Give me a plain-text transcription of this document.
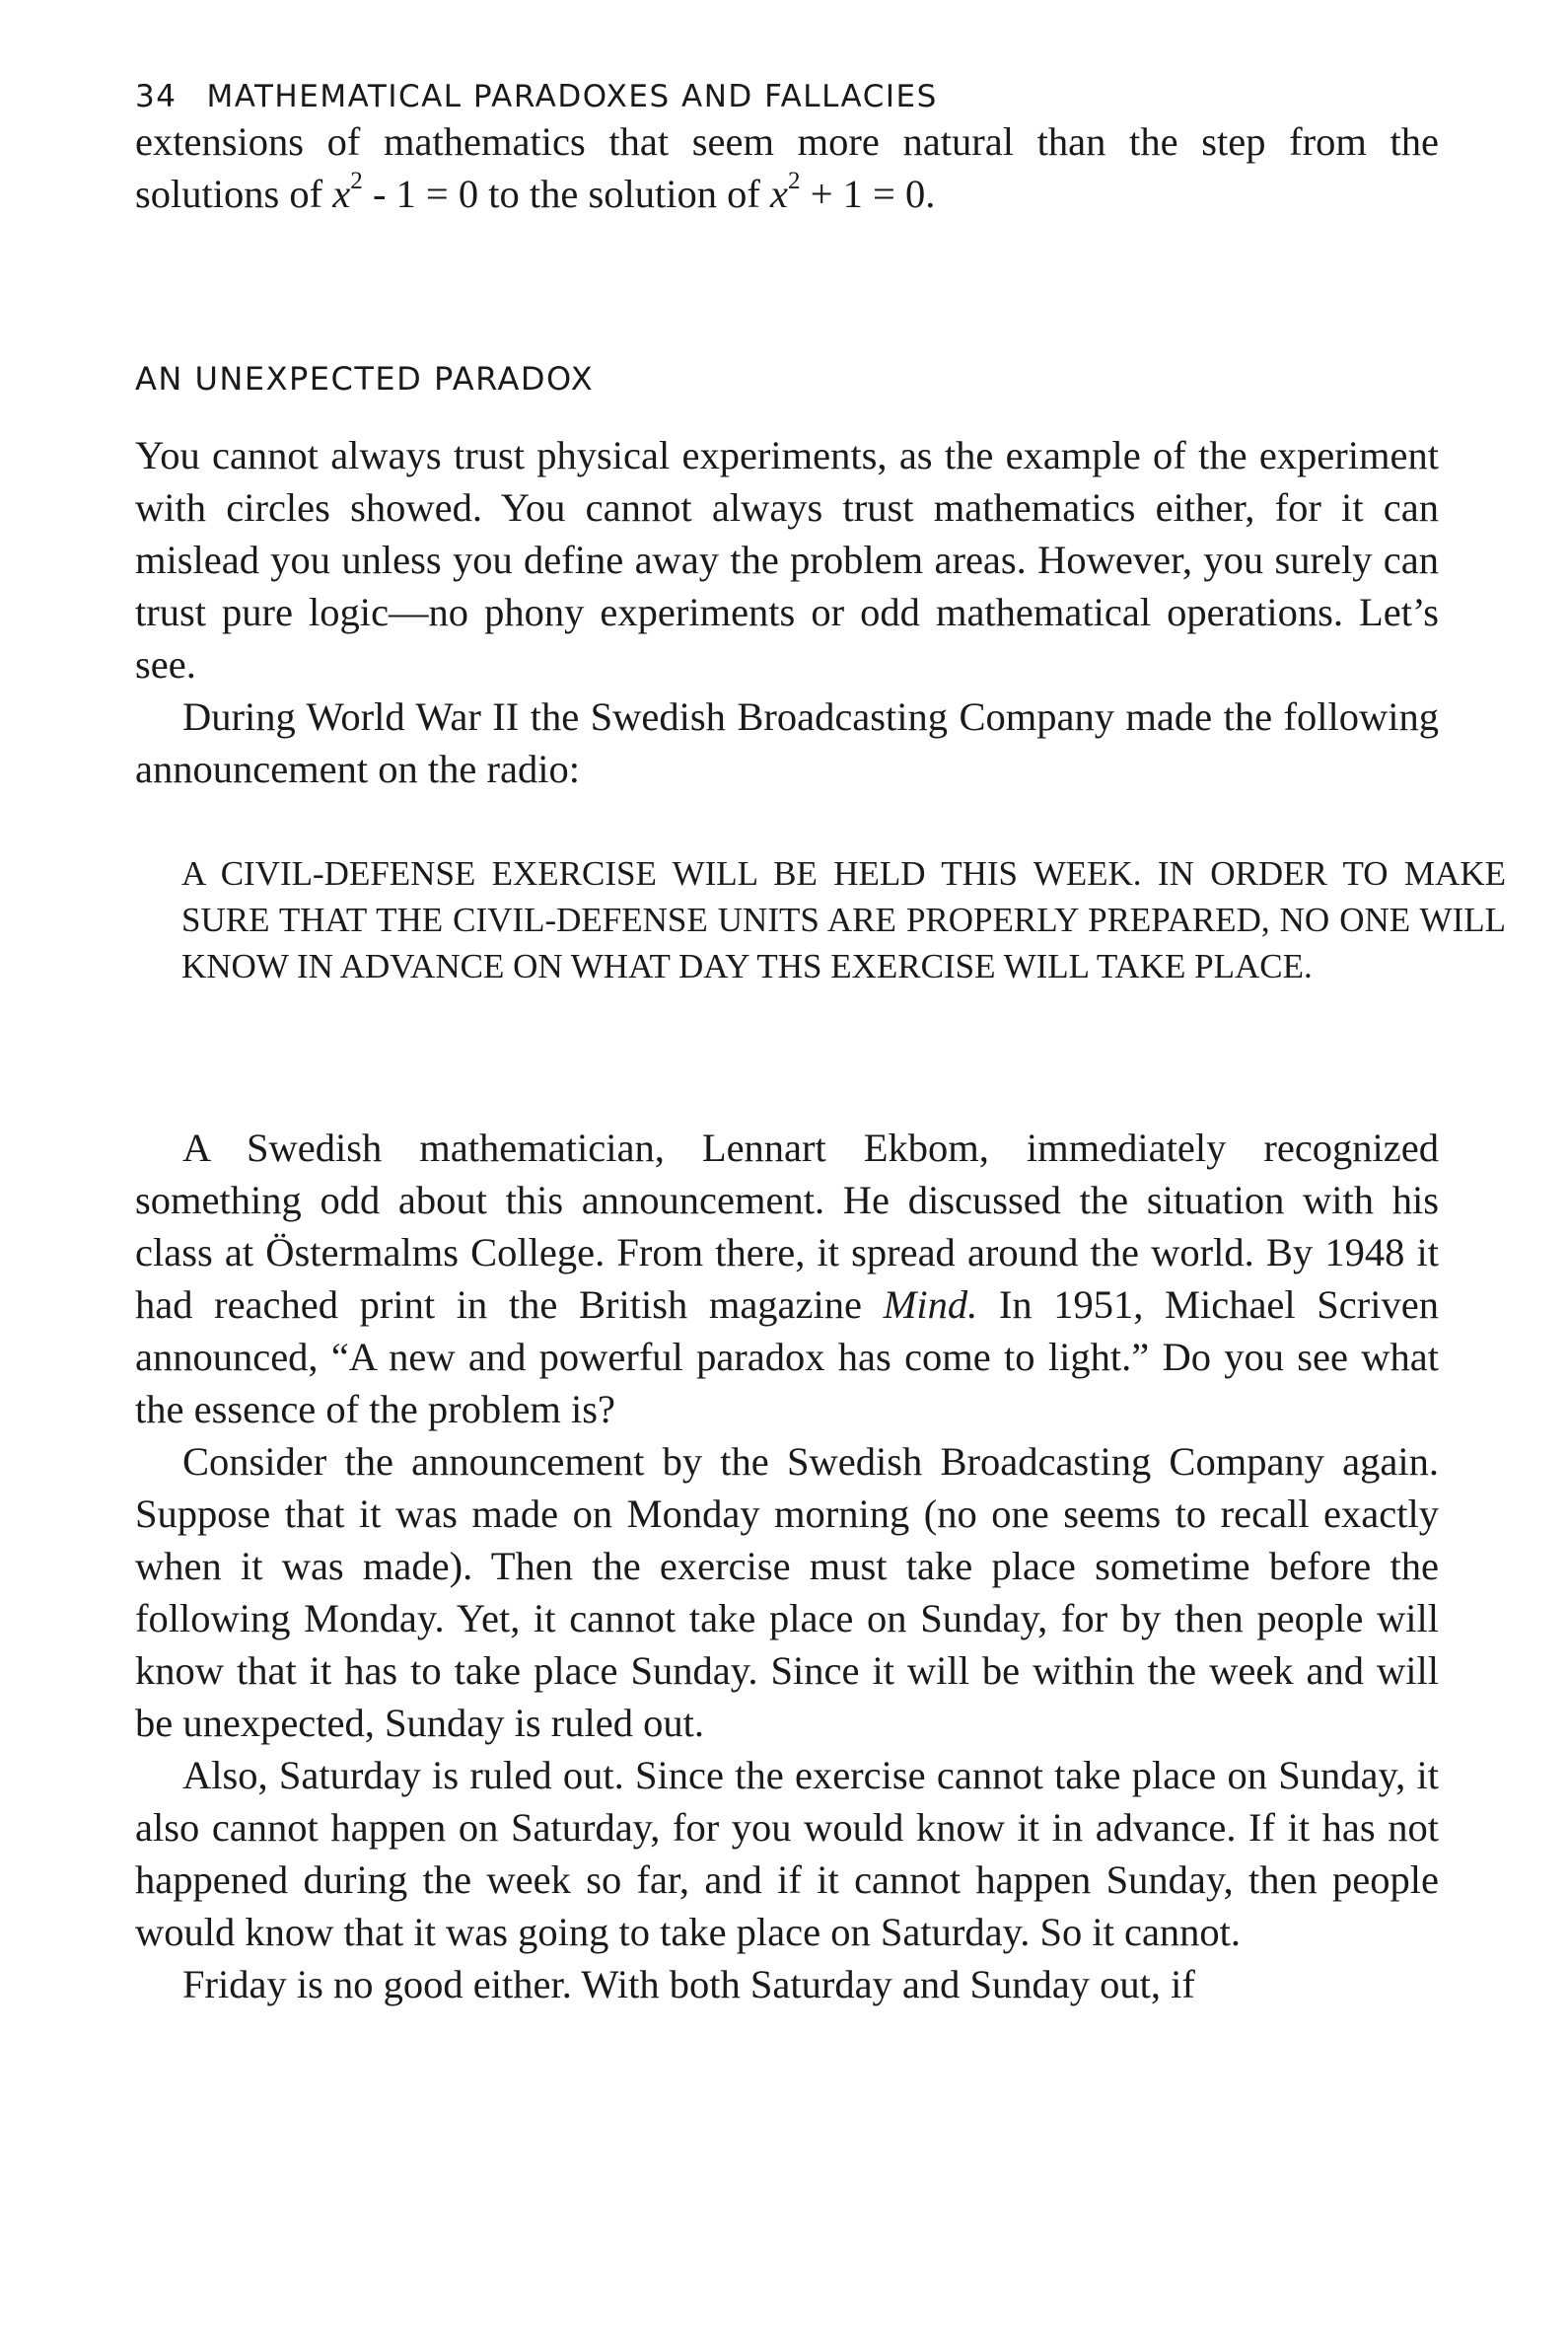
34 MATHEMATICAL PARADOXES AND FALLACIES

extensions of mathematics that seem more natural than the step from the solutions of $x^2 - 1 = 0$ to the solution of $x^2 + 1 = 0$.

AN UNEXPECTED PARADOX

You cannot always trust physical experiments, as the example of the experiment with circles showed. You cannot always trust mathematics either, for it can mislead you unless you define away the problem areas. However, you surely can trust pure logic—no phony experiments or odd mathematical operations. Let’s see.

During World War II the Swedish Broadcasting Company made the following announcement on the radio:

A CIVIL-DEFENSE EXERCISE WILL BE HELD THIS WEEK. IN ORDER TO MAKE SURE THAT THE CIVIL-DEFENSE UNITS ARE PROPERLY PREPARED, NO ONE WILL KNOW IN ADVANCE ON WHAT DAY THS EXERCISE WILL TAKE PLACE.

A Swedish mathematician, Lennart Ekbom, immediately recognized something odd about this announcement. He discussed the situation with his class at Östermalms College. From there, it spread around the world. By 1948 it had reached print in the British magazine Mind. In 1951, Michael Scriven announced, “A new and powerful paradox has come to light.” Do you see what the essence of the problem is?

Consider the announcement by the Swedish Broadcasting Company again. Suppose that it was made on Monday morning (no one seems to recall exactly when it was made). Then the exercise must take place sometime before the following Monday. Yet, it cannot take place on Sunday, for by then people will know that it has to take place Sunday. Since it will be within the week and will be unexpected, Sunday is ruled out.

Also, Saturday is ruled out. Since the exercise cannot take place on Sunday, it also cannot happen on Saturday, for you would know it in advance. If it has not happened during the week so far, and if it cannot happen Sunday, then people would know that it was going to take place on Saturday. So it cannot.

Friday is no good either. With both Saturday and Sunday out, if
